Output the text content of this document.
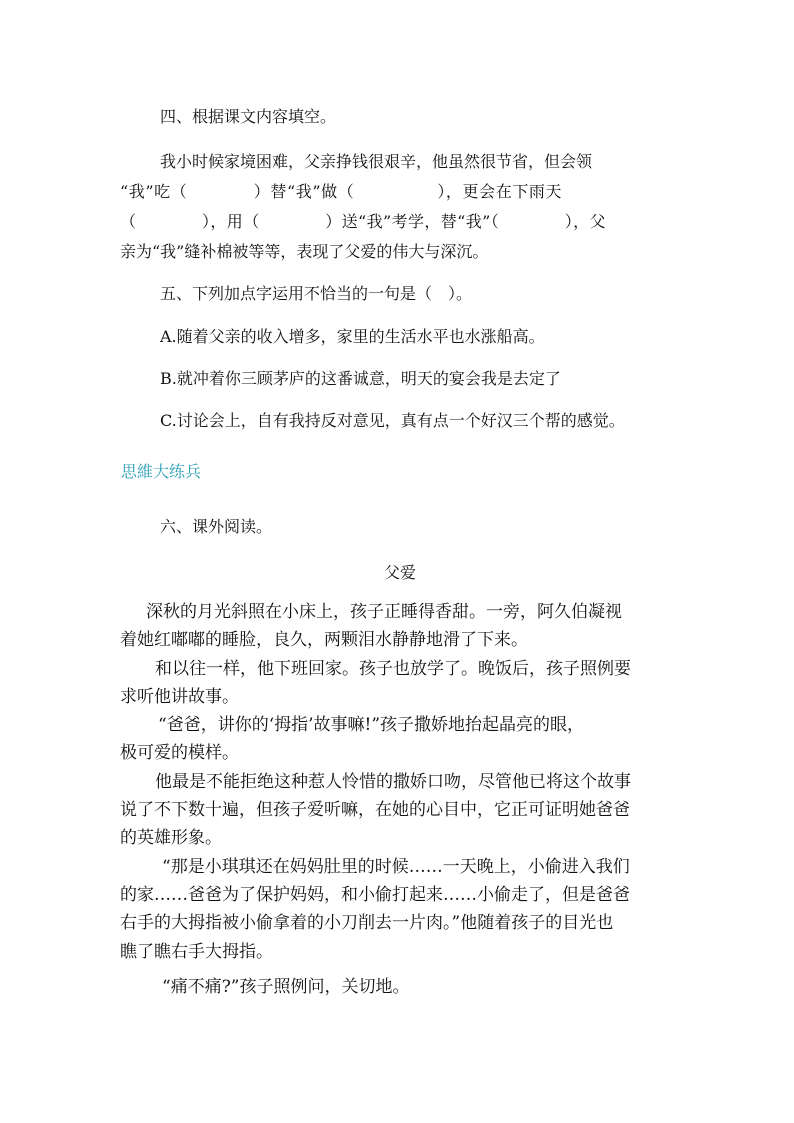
四、根据课文内容填空。
我小时候家境困难，父亲挣钱很艰辛，他虽然很节省，但会领
“我”吃（　　　　）替“我”做（　　　　　），更会在下雨天
（　　　　），用（　　　　）送“我”考学，替“我”（　　　　），父
亲为“我”缝补棉被等等，表现了父爱的伟大与深沉。
五、下列加点字运用不恰当的一句是（　）。
A.随着父亲的收入增多，家里的生活水平也水涨船高。
B.就冲着你三顾茅庐的这番诚意，明天的宴会我是去定了
C.讨论会上，自有我持反对意见，真有点一个好汉三个帮的感觉。
思維大练兵
六、课外阅读。
父爱
深秋的月光斜照在小床上，孩子正睡得香甜。一旁，阿久伯凝视
着她红嘟嘟的睡脸，良久，两颗泪水静静地滑了下来。
和以往一样，他下班回家。孩子也放学了。晚饭后，孩子照例要
求听他讲故事。
“爸爸，讲你的‘拇指’故事嘛!”孩子撒娇地抬起晶亮的眼，
极可爱的模样。
他最是不能拒绝这种惹人怜惜的撒娇口吻，尽管他已将这个故事
说了不下数十遍，但孩子爱听嘛，在她的心目中，它正可证明她爸爸
的英雄形象。
“那是小琪琪还在妈妈肚里的时候……一天晚上，小偷进入我们
的家……爸爸为了保护妈妈，和小偷打起来……小偷走了，但是爸爸
右手的大拇指被小偷拿着的小刀削去一片肉。”他随着孩子的目光也
瞧了瞧右手大拇指。
“痛不痛?”孩子照例问，关切地。
